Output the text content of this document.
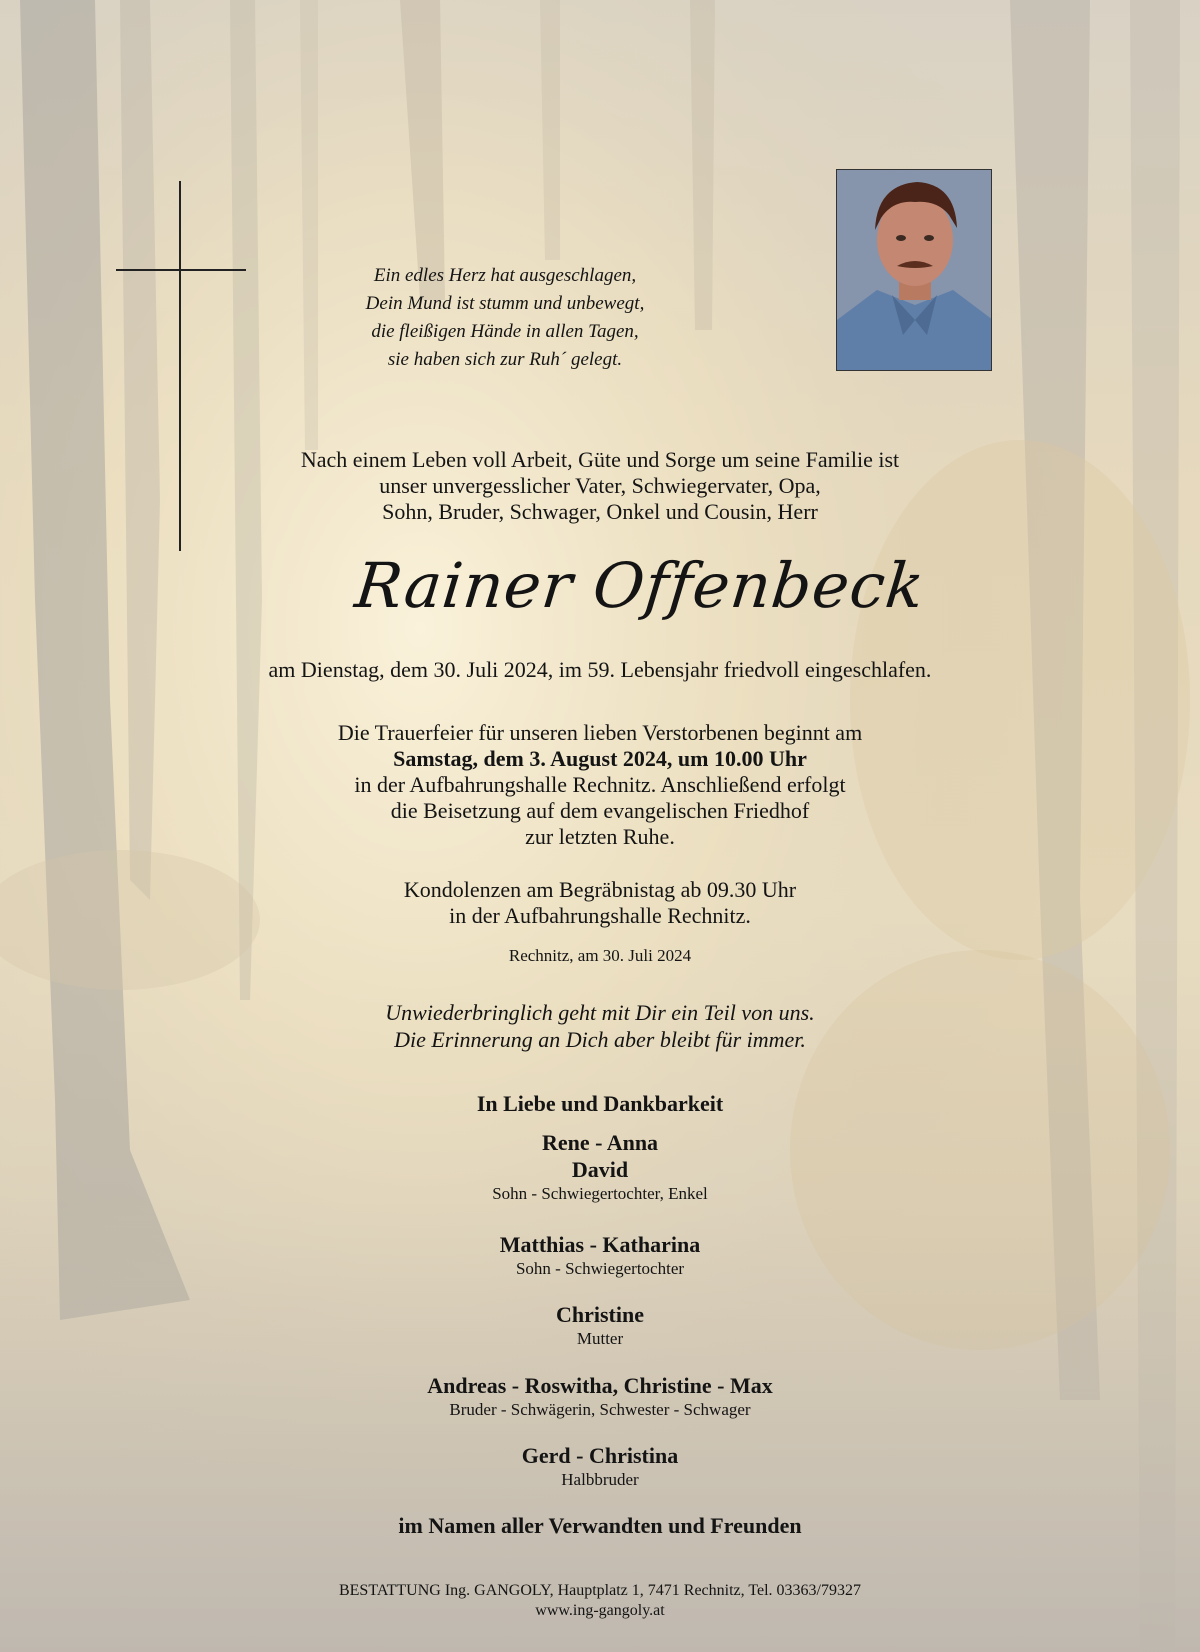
Ein edles Herz hat ausgeschlagen,
Dein Mund ist stumm und unbewegt,
die fleißigen Hände in allen Tagen,
sie haben sich zur Ruh´ gelegt.
Nach einem Leben voll Arbeit, Güte und Sorge um seine Familie ist
unser unvergesslicher Vater, Schwiegervater, Opa,
Sohn, Bruder, Schwager, Onkel und Cousin, Herr
Rainer Offenbeck
am Dienstag, dem 30. Juli 2024, im 59. Lebensjahr friedvoll eingeschlafen.
Die Trauerfeier für unseren lieben Verstorbenen beginnt am
Samstag, dem 3. August 2024, um 10.00 Uhr
in der Aufbahrungshalle Rechnitz. Anschließend erfolgt
die Beisetzung auf dem evangelischen Friedhof
zur letzten Ruhe.
Kondolenzen am Begräbnistag ab 09.30 Uhr
in der Aufbahrungshalle Rechnitz.
Rechnitz, am 30. Juli 2024
Unwiederbringlich geht mit Dir ein Teil von uns.
Die Erinnerung an Dich aber bleibt für immer.
In Liebe und Dankbarkeit
Rene - Anna
David
Sohn - Schwiegertochter, Enkel
Matthias - Katharina
Sohn - Schwiegertochter
Christine
Mutter
Andreas - Roswitha, Christine - Max
Bruder - Schwägerin, Schwester - Schwager
Gerd - Christina
Halbbruder
im Namen aller Verwandten und Freunden
BESTATTUNG Ing. GANGOLY, Hauptplatz 1, 7471 Rechnitz, Tel. 03363/79327
www.ing-gangoly.at
